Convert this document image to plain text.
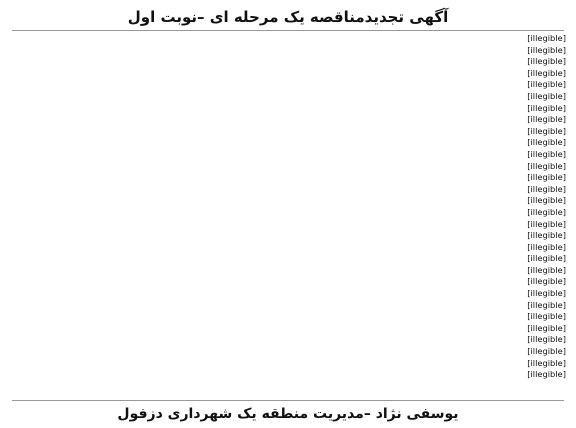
آگهی تجدیدمناقصه یک مرحله ای –نوبت اول
[illegible]
[illegible]
[illegible]
[illegible]
[illegible]
[illegible]
[illegible]
[illegible]
[illegible]
[illegible]
[illegible]
[illegible]
[illegible]
[illegible]
[illegible]
[illegible]
[illegible]
[illegible]
[illegible]
[illegible]
[illegible]
[illegible]
[illegible]
[illegible]
[illegible]
[illegible]
[illegible]
[illegible]
[illegible]
[illegible]
یوسفی نژاد –مدیریت منطقه یک شهرداری دزفول
